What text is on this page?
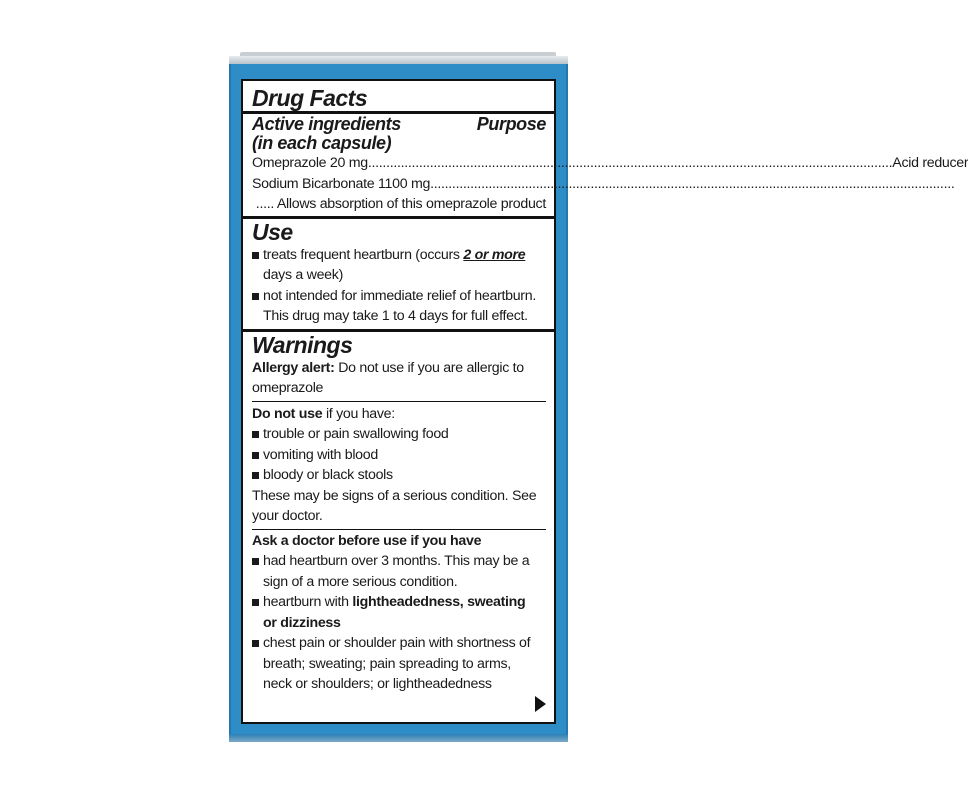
Drug Facts
Active ingredients	Purpose
(in each capsule)
Omeprazole 20 mg ................................................................................................................................................ Acid reducer
Sodium Bicarbonate 1100 mg ................................................................................................................................................
..... Allows absorption of this omeprazole product
Use
treats frequent heartburn (occurs 2 or more
days a week)
not intended for immediate relief of heartburn.
This drug may take 1 to 4 days for full effect.
Warnings
Allergy alert: Do not use if you are allergic to
omeprazole
Do not use if you have:
trouble or pain swallowing food
vomiting with blood
bloody or black stools
These may be signs of a serious condition. See
your doctor.
Ask a doctor before use if you have
had heartburn over 3 months. This may be a
sign of a more serious condition.
heartburn with lightheadedness, sweating
or dizziness
chest pain or shoulder pain with shortness of
breath; sweating; pain spreading to arms,
neck or shoulders; or lightheadedness
